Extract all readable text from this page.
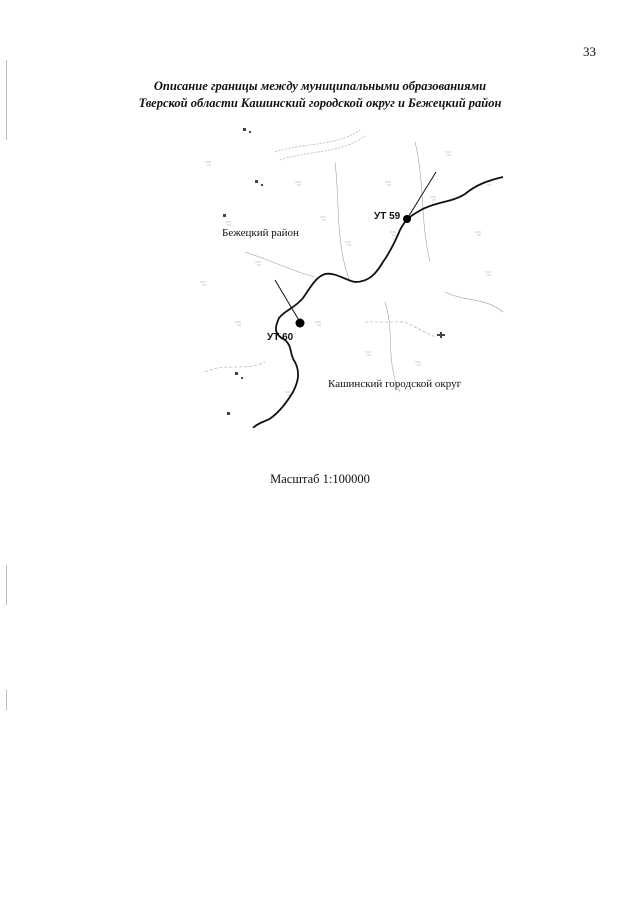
33
Описание границы между муниципальными образованиями
Тверской области Кашинский городской округ и Бежецкий район
УТ 59
УТ 60
Бежецкий район
Кашинский городской округ
Масштаб 1:100000
